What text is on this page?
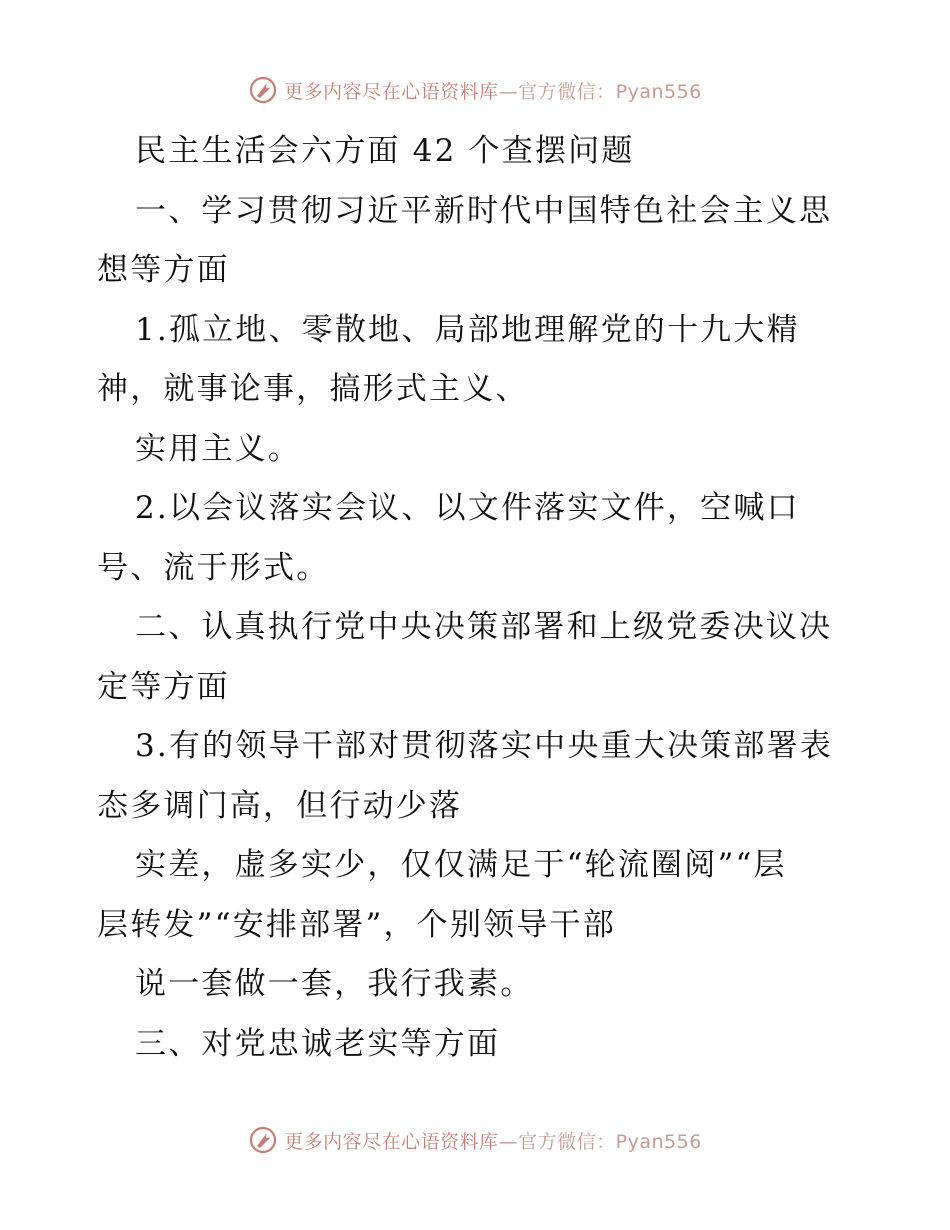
更多内容尽在心语资料库—官方微信：Pyan556

民主生活会六方面 42 个查摆问题

一、学习贯彻习近平新时代中国特色社会主义思

想等方面

1.孤立地、零散地、局部地理解党的十九大精

神，就事论事，搞形式主义、

实用主义。

2.以会议落实会议、以文件落实文件，空喊口

号、流于形式。

二、认真执行党中央决策部署和上级党委决议决

定等方面

3.有的领导干部对贯彻落实中央重大决策部署表

态多调门高，但行动少落

实差，虚多实少，仅仅满足于“轮流圈阅”“层

层转发”“安排部署”，个别领导干部

说一套做一套，我行我素。

三、对党忠诚老实等方面

更多内容尽在心语资料库—官方微信：Pyan556
